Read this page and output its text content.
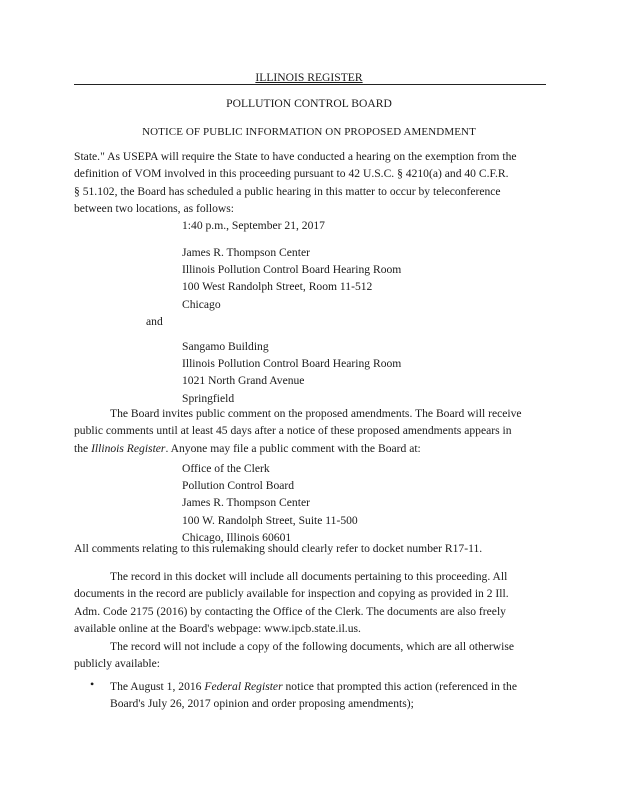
ILLINOIS REGISTER
POLLUTION CONTROL BOARD
NOTICE OF PUBLIC INFORMATION ON PROPOSED AMENDMENT
State." As USEPA will require the State to have conducted a hearing on the exemption from the
definition of VOM involved in this proceeding pursuant to 42 U.S.C. § 4210(a) and 40 C.F.R.
§ 51.102, the Board has scheduled a public hearing in this matter to occur by teleconference
between two locations, as follows:
1:40 p.m., September 21, 2017
James R. Thompson Center
Illinois Pollution Control Board Hearing Room
100 West Randolph Street, Room 11-512
Chicago
and
Sangamo Building
Illinois Pollution Control Board Hearing Room
1021 North Grand Avenue
Springfield
The Board invites public comment on the proposed amendments. The Board will receive
public comments until at least 45 days after a notice of these proposed amendments appears in
the Illinois Register. Anyone may file a public comment with the Board at:
Office of the Clerk
Pollution Control Board
James R. Thompson Center
100 W. Randolph Street, Suite 11-500
Chicago, Illinois 60601
All comments relating to this rulemaking should clearly refer to docket number R17-11.
The record in this docket will include all documents pertaining to this proceeding. All
documents in the record are publicly available for inspection and copying as provided in 2 Ill.
Adm. Code 2175 (2016) by contacting the Office of the Clerk. The documents are also freely
available online at the Board's webpage: www.ipcb.state.il.us.
The record will not include a copy of the following documents, which are all otherwise
publicly available:
• The August 1, 2016 Federal Register notice that prompted this action (referenced in the
Board's July 26, 2017 opinion and order proposing amendments);
